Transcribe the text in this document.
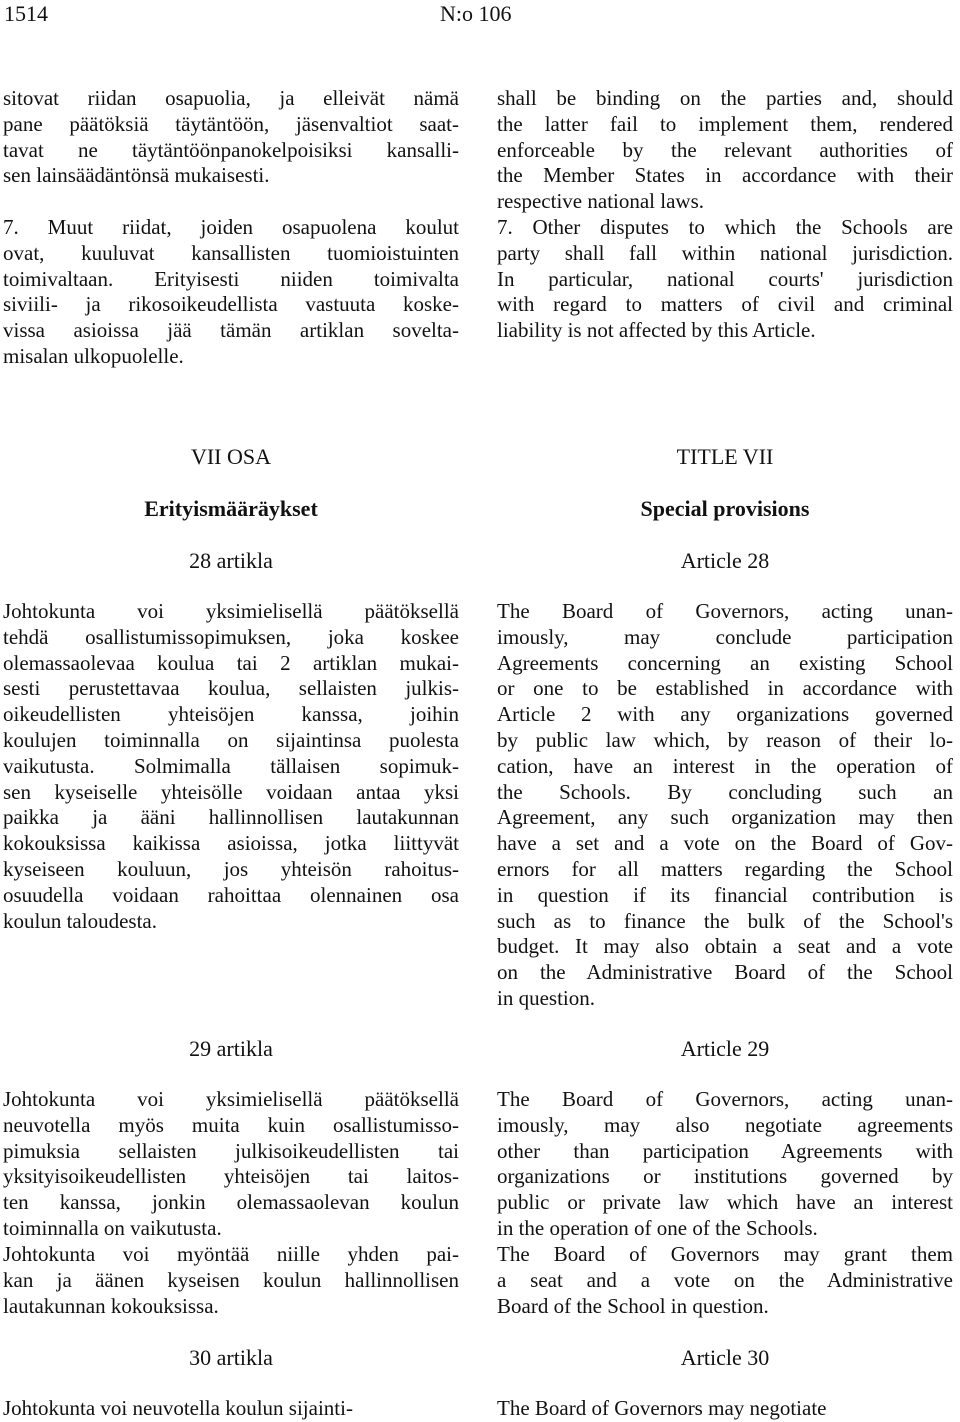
1514	N:o 106

sitovat riidan osapuolia, ja elleivät nämä

pane päätöksiä täytäntöön, jäsenvaltiot saat-

tavat ne täytäntöönpanokelpoisiksi kansalli-

sen lainsäädäntönsä mukaisesti.

7. Muut riidat, joiden osapuolena koulut

ovat, kuuluvat kansallisten tuomioistuinten

toimivaltaan. Erityisesti niiden toimivalta

siviili- ja rikosoikeudellista vastuuta koske-

vissa asioissa jää tämän artiklan sovelta-

misalan ulkopuolelle.

VII OSA
Erityismääräykset
28 artikla

Johtokunta voi yksimielisellä päätöksellä

tehdä osallistumissopimuksen, joka koskee

olemassaolevaa koulua tai 2 artiklan mukai-

sesti perustettavaa koulua, sellaisten julkis-

oikeudellisten yhteisöjen kanssa, joihin

koulujen toiminnalla on sijaintinsa puolesta

vaikutusta. Solmimalla tällaisen sopimuk-

sen kyseiselle yhteisölle voidaan antaa yksi

paikka ja ääni hallinnollisen lautakunnan

kokouksissa kaikissa asioissa, jotka liittyvät

kyseiseen kouluun, jos yhteisön rahoitus-

osuudella voidaan rahoittaa olennainen osa

koulun taloudesta.

29 artikla

Johtokunta voi yksimielisellä päätöksellä

neuvotella myös muita kuin osallistumisso-

pimuksia sellaisten julkisoikeudellisten tai

yksityisoikeudellisten yhteisöjen tai laitos-

ten kanssa, jonkin olemassaolevan koulun

toiminnalla on vaikutusta.

Johtokunta voi myöntää niille yhden pai-

kan ja äänen kyseisen koulun hallinnollisen

lautakunnan kokouksissa.

30 artikla

Johtokunta voi neuvotella koulun sijainti-

shall be binding on the parties and, should

the latter fail to implement them, rendered

enforceable by the relevant authorities of

the Member States in accordance with their

respective national laws.

7. Other disputes to which the Schools are

party shall fall within national jurisdiction.

In particular, national courts' jurisdiction

with regard to matters of civil and criminal

liability is not affected by this Article.

TITLE VII
Special provisions
Article 28

The Board of Governors, acting unan-

imously, may conclude participation

Agreements concerning an existing School

or one to be established in accordance with

Article 2 with any organizations governed

by public law which, by reason of their lo-

cation, have an interest in the operation of

the Schools. By concluding such an

Agreement, any such organization may then

have a set and a vote on the Board of Gov-

ernors for all matters regarding the School

in question if its financial contribution is

such as to finance the bulk of the School's

budget. It may also obtain a seat and a vote

on the Administrative Board of the School

in question.

Article 29

The Board of Governors, acting unan-

imously, may also negotiate agreements

other than participation Agreements with

organizations or institutions governed by

public or private law which have an interest

in the operation of one of the Schools.

The Board of Governors may grant them

a seat and a vote on the Administrative

Board of the School in question.

Article 30

The Board of Governors may negotiate
